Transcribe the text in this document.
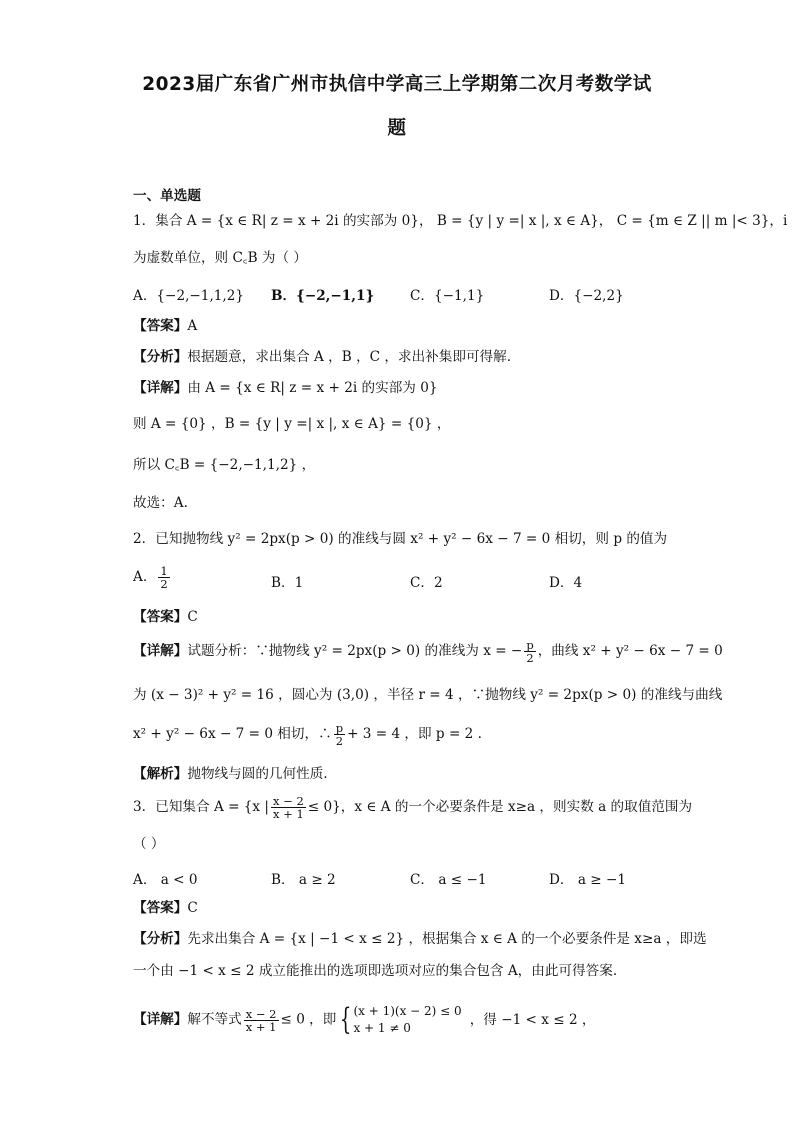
2023届广东省广州市执信中学高三上学期第二次月考数学试
题
一、单选题
1．集合 A = {x ∈ R| z = x + 2i 的实部为 0}， B = {y | y =| x |, x ∈ A}， C = {m ∈ Z || m |< 3}，i
为虚数单位，则 C꜀B 为（ ）
A．{−2,−1,1,2} B．{−2,−1,1}	C．{−1,1}	D．{−2,2}
【答案】A
【分析】根据题意，求出集合 A ，B ，C ，求出补集即可得解.
【详解】由 A = {x ∈ R| z = x + 2i 的实部为 0}
则 A = {0} ，B = {y | y =| x |, x ∈ A} = {0} ，
所以 C꜀B = {−2,−1,1,2} ，
故选：A.
2．已知抛物线 y² = 2px(p > 0) 的准线与圆 x² + y² − 6x − 7 = 0 相切，则 p 的值为
A． $\frac{1}{2}$	B．1	C．2	D．4
【答案】C
【详解】试题分析：∵抛物线 y² = 2px(p > 0) 的准线为 x = − $\frac{p}{2}$ ，曲线 x² + y² − 6x − 7 = 0
为 (x − 3)² + y² = 16 ，圆心为 (3,0) ，半径 r = 4 ，∵抛物线 y² = 2px(p > 0) 的准线与曲线
x² + y² − 6x − 7 = 0 相切，∴ $\frac{p}{2} + 3 = 4$ ，即 p = 2 .
【解析】抛物线与圆的几何性质.
3．已知集合 A = {x | $\frac{x - 2}{x + 1} \le 0$}，x ∈ A 的一个必要条件是 x≥a ，则实数 a 的取值范围为
（ ）
A． a < 0	B． a ≥ 2	C． a ≤ −1	D． a ≥ −1
【答案】C
【分析】先求出集合 A = {x | −1 < x ≤ 2} ，根据集合 x ∈ A 的一个必要条件是 x≥a ，即选
一个由 −1 < x ≤ 2 成立能推出的选项即选项对应的集合包含 A，由此可得答案.
【详解】解不等式 $\frac{x - 2}{x + 1} \le 0$ ，即 { (x + 1)(x − 2) ≤ 0
x + 1 ≠ 0
，得 −1 < x ≤ 2 ，
